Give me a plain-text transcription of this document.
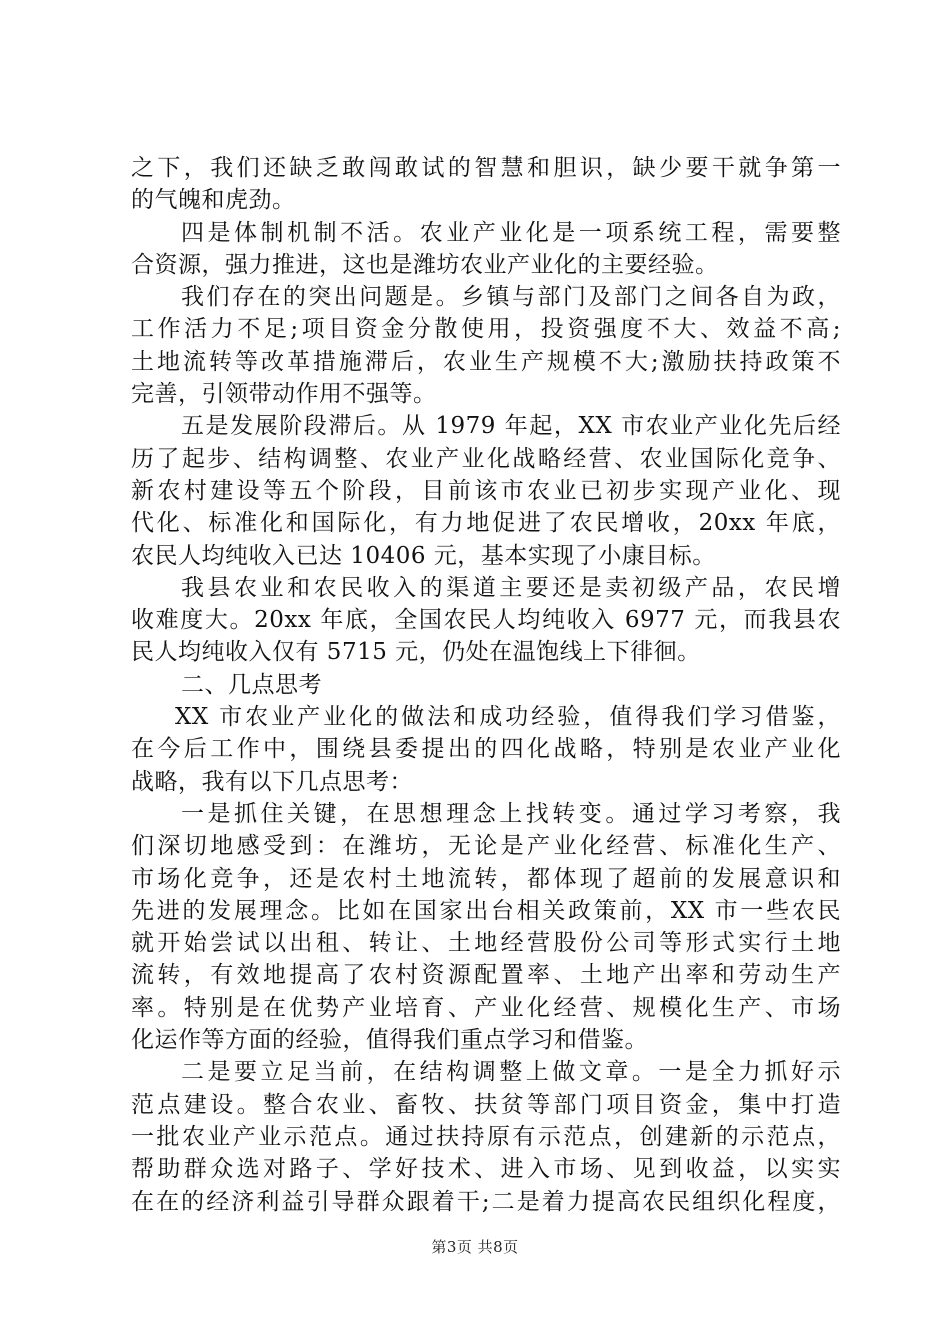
之下，我们还缺乏敢闯敢试的智慧和胆识，缺少要干就争第一
的气魄和虎劲。
四是体制机制不活。农业产业化是一项系统工程，需要整
合资源，强力推进，这也是潍坊农业产业化的主要经验。
我们存在的突出问题是。乡镇与部门及部门之间各自为政，
工作活力不足;项目资金分散使用，投资强度不大、效益不高;
土地流转等改革措施滞后，农业生产规模不大;激励扶持政策不
完善，引领带动作用不强等。
五是发展阶段滞后。从 1979 年起，XX 市农业产业化先后经
历了起步、结构调整、农业产业化战略经营、农业国际化竞争、
新农村建设等五个阶段，目前该市农业已初步实现产业化、现
代化、标准化和国际化，有力地促进了农民增收，20xx 年底，
农民人均纯收入已达 10406 元，基本实现了小康目标。
我县农业和农民收入的渠道主要还是卖初级产品，农民增
收难度大。20xx 年底，全国农民人均纯收入 6977 元，而我县农
民人均纯收入仅有 5715 元，仍处在温饱线上下徘徊。
二、几点思考
XX 市农业产业化的做法和成功经验，值得我们学习借鉴，
在今后工作中，围绕县委提出的四化战略，特别是农业产业化
战略，我有以下几点思考：
一是抓住关键，在思想理念上找转变。通过学习考察，我
们深切地感受到：在潍坊，无论是产业化经营、标准化生产、
市场化竞争，还是农村土地流转，都体现了超前的发展意识和
先进的发展理念。比如在国家出台相关政策前，XX 市一些农民
就开始尝试以出租、转让、土地经营股份公司等形式实行土地
流转，有效地提高了农村资源配置率、土地产出率和劳动生产
率。特别是在优势产业培育、产业化经营、规模化生产、市场
化运作等方面的经验，值得我们重点学习和借鉴。
二是要立足当前，在结构调整上做文章。一是全力抓好示
范点建设。整合农业、畜牧、扶贫等部门项目资金，集中打造
一批农业产业示范点。通过扶持原有示范点，创建新的示范点，
帮助群众选对路子、学好技术、进入市场、见到收益，以实实
在在的经济利益引导群众跟着干;二是着力提高农民组织化程度，
第3页 共8页
